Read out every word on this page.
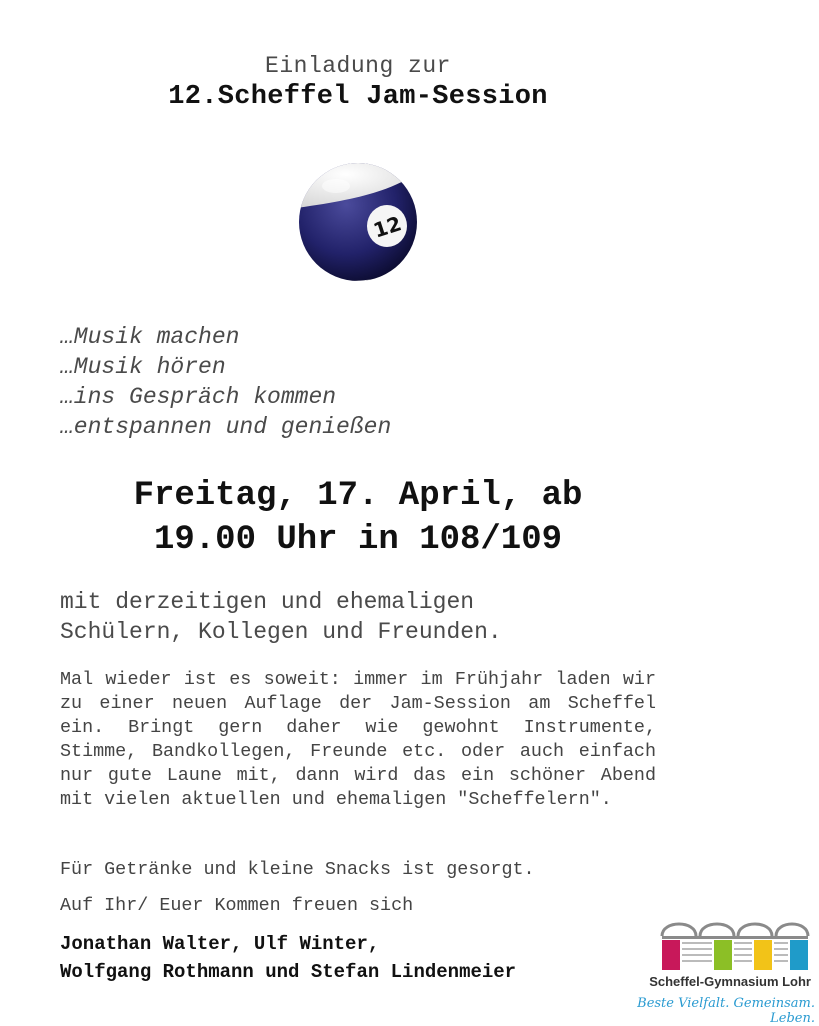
Einladung zur
12.Scheffel Jam-Session
12
…Musik machen
…Musik hören
…ins Gespräch kommen
…entspannen und genießen
Freitag, 17. April, ab
19.00 Uhr in 108/109
mit derzeitigen und ehemaligen
Schülern, Kollegen und Freunden.
Mal wieder ist es soweit: immer im Frühjahr laden wir zu einer neuen Auflage der Jam-Session am Scheffel ein. Bringt gern daher wie gewohnt Instrumente, Stimme, Bandkollegen, Freunde etc. oder auch einfach nur gute Laune mit, dann wird das ein schöner Abend mit vielen aktuellen und ehemaligen "Scheffelern".
Für Getränke und kleine Snacks ist gesorgt.
Auf Ihr/ Euer Kommen freuen sich
Jonathan Walter, Ulf Winter,
Wolfgang Rothmann und Stefan Lindenmeier	Scheffel-Gymnasium Lohr
Beste Vielfalt. Gemeinsam. Leben.
